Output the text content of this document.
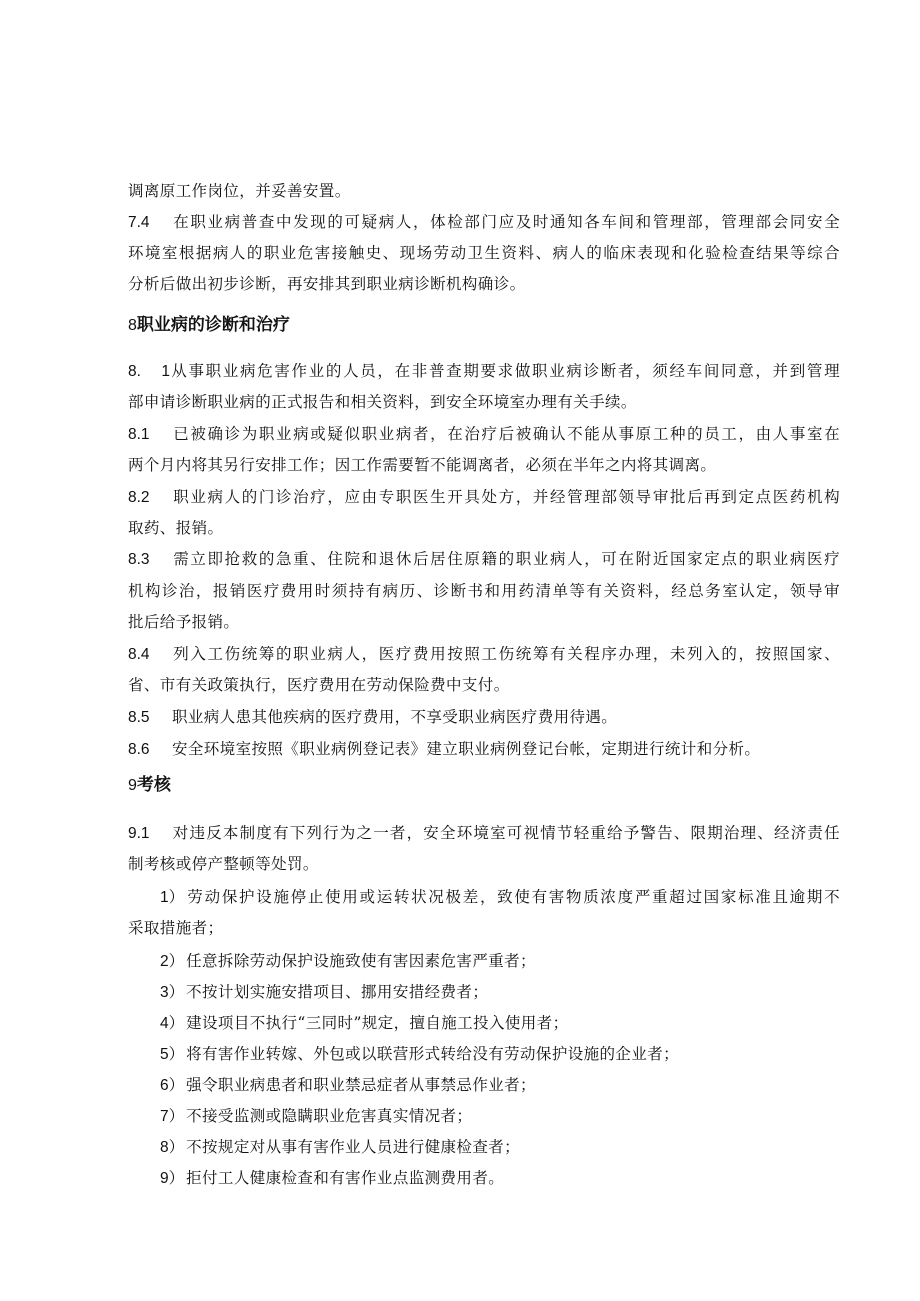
调离原工作岗位，并妥善安置。
7.4 在职业病普查中发现的可疑病人，体检部门应及时通知各车间和管理部，管理部会同安全
环境室根据病人的职业危害接触史、现场劳动卫生资料、病人的临床表现和化验检查结果等综合
分析后做出初步诊断，再安排其到职业病诊断机构确诊。
8职业病的诊断和治疗
8. 1从事职业病危害作业的人员，在非普查期要求做职业病诊断者，须经车间同意，并到管理
部申请诊断职业病的正式报告和相关资料，到安全环境室办理有关手续。
8.1 已被确诊为职业病或疑似职业病者，在治疗后被确认不能从事原工种的员工，由人事室在
两个月内将其另行安排工作；因工作需要暂不能调离者，必须在半年之内将其调离。
8.2 职业病人的门诊治疗，应由专职医生开具处方，并经管理部领导审批后再到定点医药机构
取药、报销。
8.3 需立即抢救的急重、住院和退休后居住原籍的职业病人，可在附近国家定点的职业病医疗
机构诊治，报销医疗费用时须持有病历、诊断书和用药清单等有关资料，经总务室认定，领导审
批后给予报销。
8.4 列入工伤统筹的职业病人，医疗费用按照工伤统筹有关程序办理，未列入的，按照国家、
省、市有关政策执行，医疗费用在劳动保险费中支付。
8.5 职业病人患其他疾病的医疗费用，不享受职业病医疗费用待遇。
8.6 安全环境室按照《职业病例登记表》建立职业病例登记台帐，定期进行统计和分析。
9考核
9.1 对违反本制度有下列行为之一者，安全环境室可视情节轻重给予警告、限期治理、经济责任
制考核或停产整顿等处罚。
1） 劳动保护设施停止使用或运转状况极差，致使有害物质浓度严重超过国家标准且逾期不
采取措施者；
2） 任意拆除劳动保护设施致使有害因素危害严重者；
3） 不按计划实施安措项目、挪用安措经费者；
4） 建设项目不执行“三同时”规定，擅自施工投入使用者；
5） 将有害作业转嫁、外包或以联营形式转给没有劳动保护设施的企业者；
6） 强令职业病患者和职业禁忌症者从事禁忌作业者；
7） 不接受监测或隐瞒职业危害真实情况者；
8） 不按规定对从事有害作业人员进行健康检查者；
9） 拒付工人健康检查和有害作业点监测费用者。
